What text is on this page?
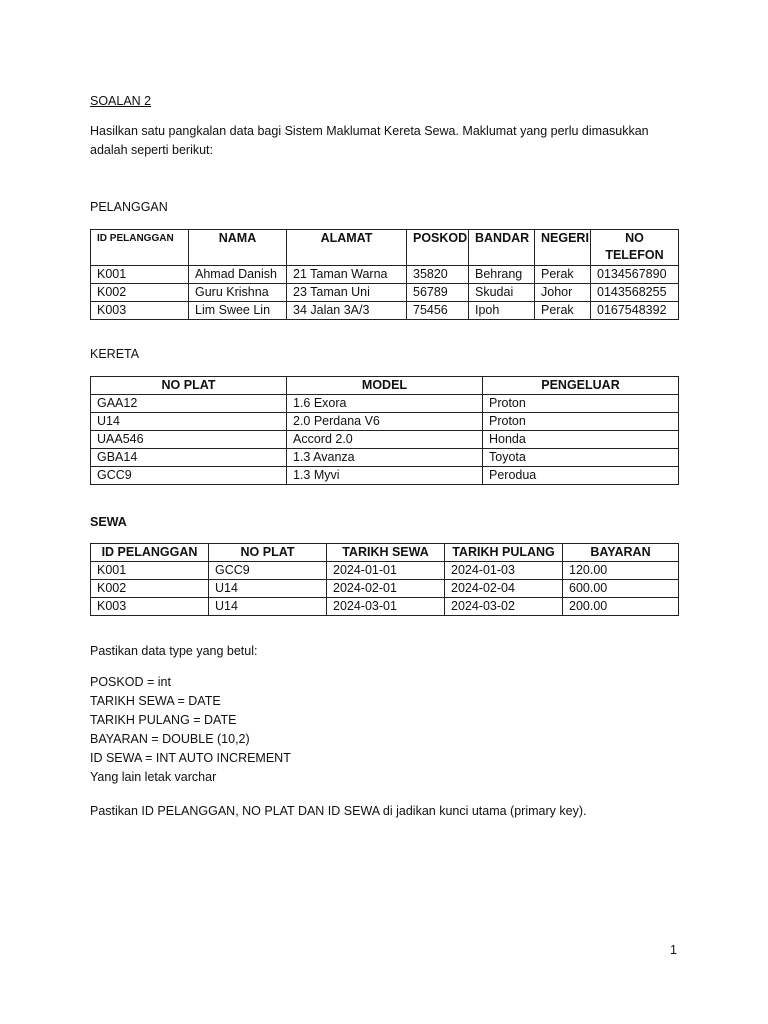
SOALAN 2
Hasilkan satu pangkalan data bagi Sistem Maklumat Kereta Sewa. Maklumat yang perlu dimasukkan adalah seperti berikut:
PELANGGAN
ID PELANGGAN	NAMA	ALAMAT	POSKOD	BANDAR	NEGERI	NO TELEFON
K001	Ahmad Danish	21 Taman Warna	35820	Behrang	Perak	0134567890
K002	Guru Krishna	23 Taman Uni	56789	Skudai	Johor	0143568255
K003	Lim Swee Lin	34 Jalan 3A/3	75456	Ipoh	Perak	0167548392
KERETA
NO PLAT	MODEL	PENGELUAR
GAA12	1.6 Exora	Proton
U14	2.0 Perdana V6	Proton
UAA546	Accord 2.0	Honda
GBA14	1.3 Avanza	Toyota
GCC9	1.3 Myvi	Perodua
SEWA
ID PELANGGAN	NO PLAT	TARIKH SEWA	TARIKH PULANG	BAYARAN
K001	GCC9	2024-01-01	2024-01-03	120.00
K002	U14	2024-02-01	2024-02-04	600.00
K003	U14	2024-03-01	2024-03-02	200.00
Pastikan data type yang betul:
POSKOD = int
TARIKH SEWA = DATE
TARIKH PULANG = DATE
BAYARAN = DOUBLE (10,2)
ID SEWA = INT AUTO INCREMENT
Yang lain letak varchar
Pastikan ID PELANGGAN, NO PLAT DAN ID SEWA di jadikan kunci utama (primary key).
1
